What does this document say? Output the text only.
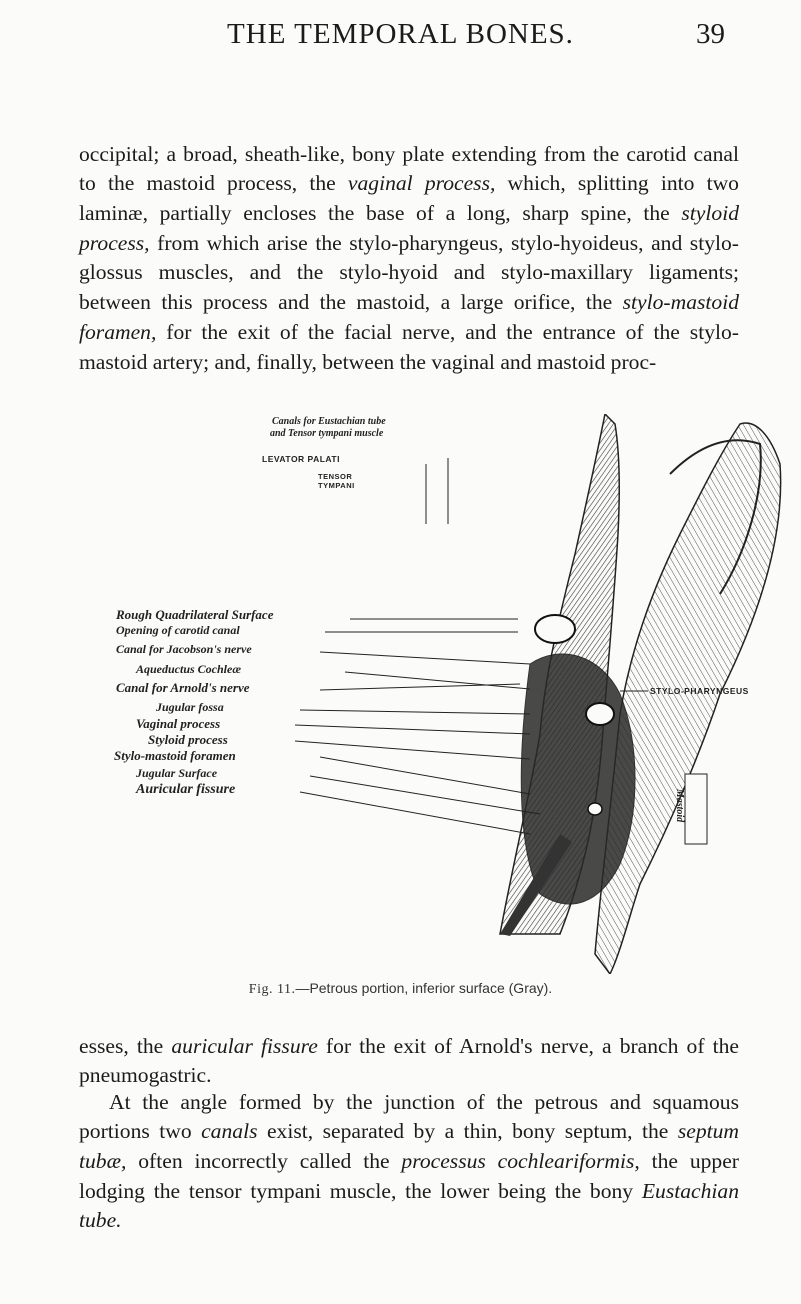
THE TEMPORAL BONES.	39

occipital; a broad, sheath-like, bony plate extending from the carotid canal to the mastoid process, the vaginal process, which, splitting into two laminæ, partially encloses the base of a long, sharp spine, the styloid process, from which arise the stylo-pharyngeus, stylo-hyoideus, and stylo-glossus muscles, and the stylo-hyoid and stylo-maxillary ligaments; between this process and the mastoid, a large orifice, the stylo-mastoid foramen, for the exit of the facial nerve, and the entrance of the stylo-mastoid artery; and, finally, between the vaginal and mastoid proc-

Canals for Eustachian tube
and Tensor tympani muscle
LEVATOR PALATI
TENSOR
TYMPANI
Rough Quadrilateral Surface
Opening of carotid canal
Canal for Jacobson's nerve
Aqueductus Cochleæ
Canal for Arnold's nerve
Jugular fossa
Vaginal process
Styloid process
Stylo-mastoid foramen
Jugular Surface
Auricular fissure
STYLO-PHARYNGEUS
Mastoid
Fig. 11.—Petrous portion, inferior surface (Gray).

esses, the auricular fissure for the exit of Arnold's nerve, a branch of the pneumogastric.

At the angle formed by the junction of the petrous and squamous portions two canals exist, separated by a thin, bony septum, the septum tubæ, often incorrectly called the processus cochleariformis, the upper lodging the tensor tympani muscle, the lower being the bony Eustachian tube.
